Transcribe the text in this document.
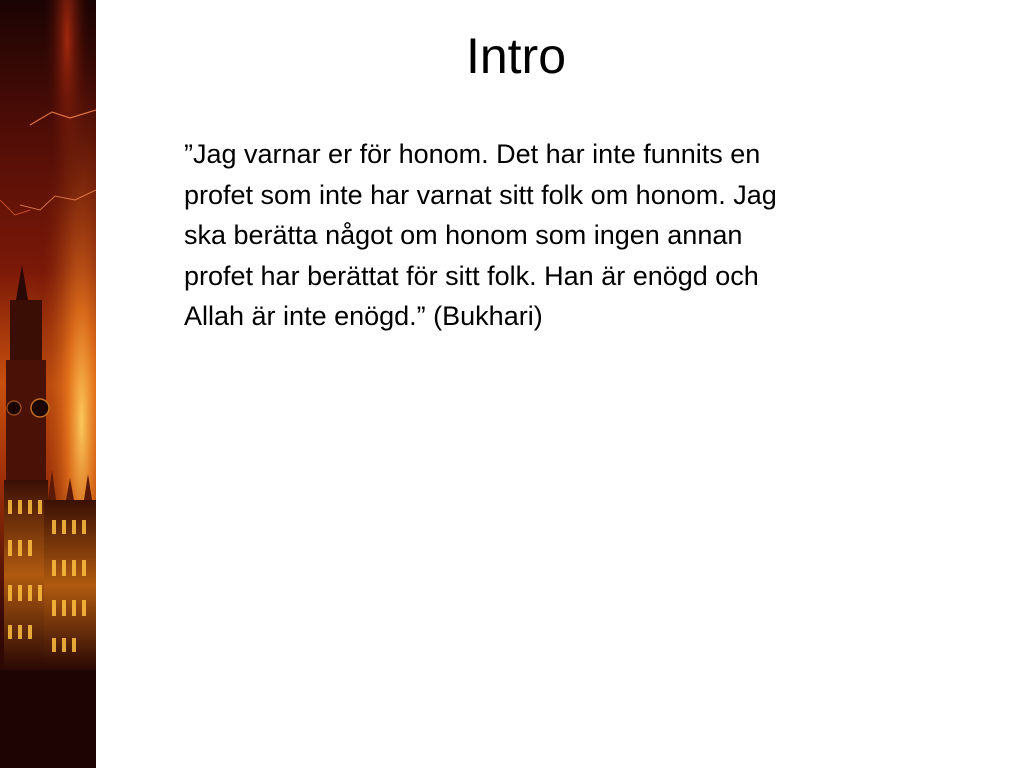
Intro
”Jag varnar er för honom. Det har inte funnits en
profet som inte har varnat sitt folk om honom. Jag
ska berätta något om honom som ingen annan
profet har berättat för sitt folk. Han är enögd och
Allah är inte enögd.” (Bukhari)
